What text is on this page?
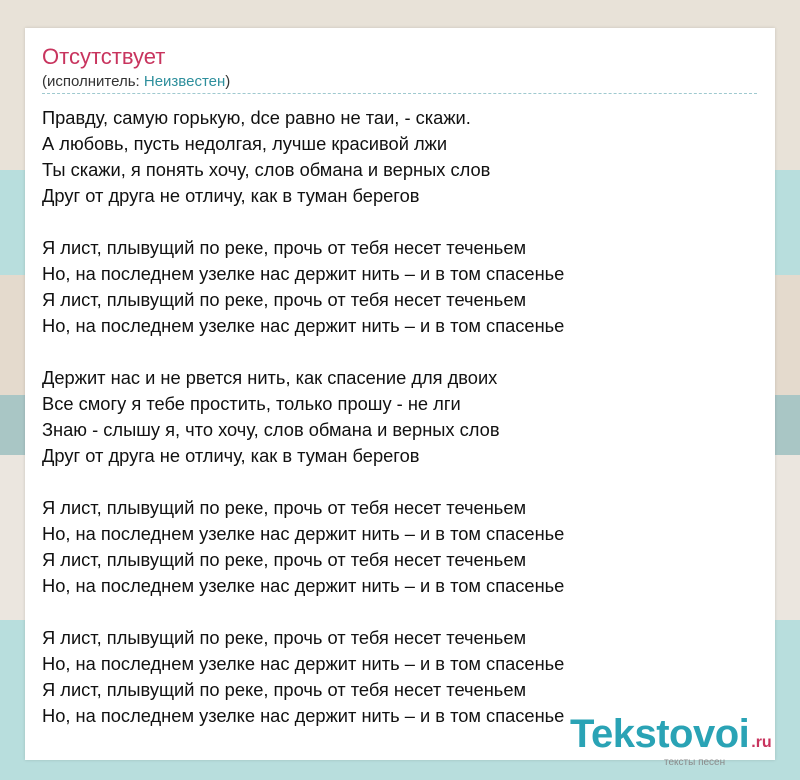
Отсутствует
(исполнитель: Неизвестен)
Правду, самую горькую, dce равно не таи, - скажи.
А любовь, пусть недолгая, лучше красивой лжи
Ты скажи, я понять хочу, слов обмана и верных слов
Друг от друга не отличу, как в туман берегов
Я лист, плывущий по реке, прочь от тебя несет теченьем
Но, на последнем узелке нас держит нить – и в том спасенье
Я лист, плывущий по реке, прочь от тебя несет теченьем
Но, на последнем узелке нас держит нить – и в том спасенье
Держит нас и не рвется нить, как спасение для двоих
Все смогу я тебе простить, только прошу - не лги
Знаю - слышу я, что хочу, слов обмана и верных слов
Друг от друга не отличу, как в туман берегов
Я лист, плывущий по реке, прочь от тебя несет теченьем
Но, на последнем узелке нас держит нить – и в том спасенье
Я лист, плывущий по реке, прочь от тебя несет теченьем
Но, на последнем узелке нас держит нить – и в том спасенье
Я лист, плывущий по реке, прочь от тебя несет теченьем
Но, на последнем узелке нас держит нить – и в том спасенье
Я лист, плывущий по реке, прочь от тебя несет теченьем
Но, на последнем узелке нас держит нить – и в том спасенье Tekstovoi .ru
тексты песен
